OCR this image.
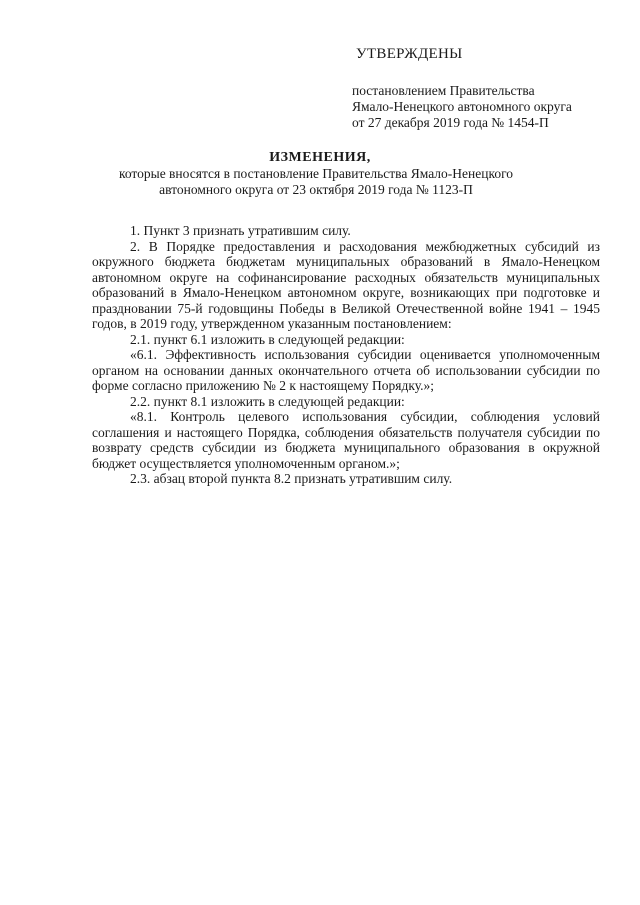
УТВЕРЖДЕНЫ
постановлением Правительства
Ямало-Ненецкого автономного округа
от 27 декабря 2019 года № 1454-П
ИЗМЕНЕНИЯ,
которые вносятся в постановление Правительства Ямало-Ненецкого
автономного округа от 23 октября 2019 года № 1123-П

1. Пункт 3 признать утратившим силу.

2. В Порядке предоставления и расходования межбюджетных субсидий из окружного бюджета бюджетам муниципальных образований в Ямало-Ненецком автономном округе на софинансирование расходных обязательств муниципальных образований в Ямало-Ненецком автономном округе, возникающих при подготовке и праздновании 75-й годовщины Победы в Великой Отечественной войне 1941 – 1945 годов, в 2019 году, утвержденном указанным постановлением:

2.1. пункт 6.1 изложить в следующей редакции:

«6.1. Эффективность использования субсидии оценивается уполномоченным органом на основании данных окончательного отчета об использовании субсидии по форме согласно приложению № 2 к настоящему Порядку.»;

2.2. пункт 8.1 изложить в следующей редакции:

«8.1. Контроль целевого использования субсидии, соблюдения условий соглашения и настоящего Порядка, соблюдения обязательств получателя субсидии по возврату средств субсидии из бюджета муниципального образования в окружной бюджет осуществляется уполномоченным органом.»;

2.3. абзац второй пункта 8.2 признать утратившим силу.
